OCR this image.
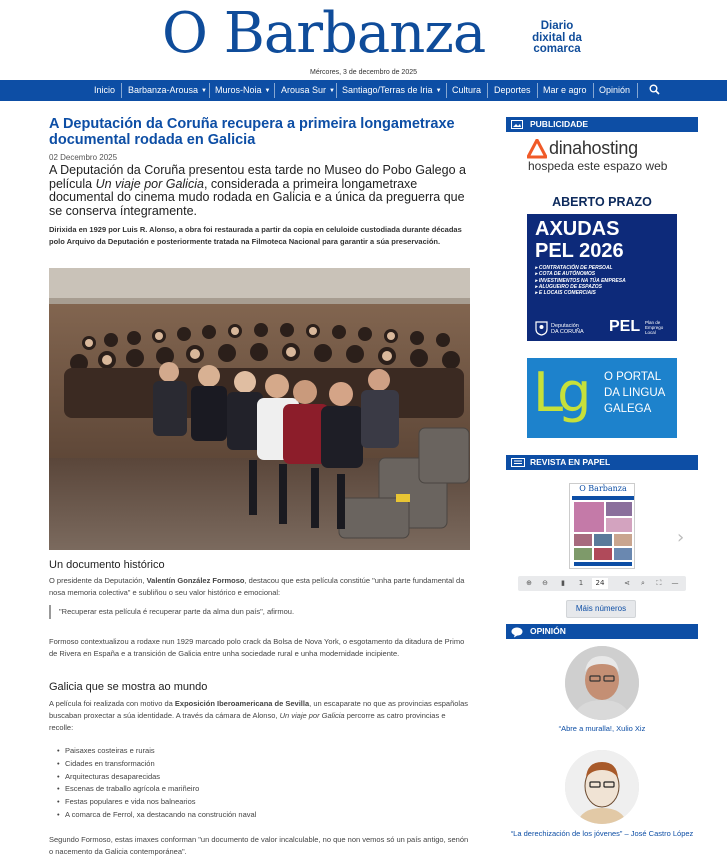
O Barbanza	Diario
dixital da
comarca
Mércores, 3 de decembro de 2025
Inicio Barbanza-Arousa ▼ Muros-Noia ▼ Arousa Sur ▼ Santiago/Terras de Iria ▼ Cultura Deportes Mar e agro Opinión
A Deputación da Coruña recupera a primeira longametraxe documental rodada en Galicia
02 Decembro 2025
A Deputación da Coruña presentou esta tarde no Museo do Pobo Galego a película Un viaje por Galicia, considerada a primeira longametraxe documental do cinema mudo rodada en Galicia e a única da preguerra que se conserva íntegramente.
Dirixida en 1929 por Luis R. Alonso, a obra foi restaurada a partir da copia en celuloide custodiada durante décadas polo Arquivo da Deputación e posteriormente tratada na Filmoteca Nacional para garantir a súa preservación.
Un documento histórico
O presidente da Deputación, Valentín González Formoso, destacou que esta película constitúe "unha parte fundamental da nosa memoria colectiva" e subliñou o seu valor histórico e emocional:
"Recuperar esta película é recuperar parte da alma dun país", afirmou.
Formoso contextualizou a rodaxe nun 1929 marcado polo crack da Bolsa de Nova York, o esgotamento da ditadura de Primo de Rivera en España e a transición de Galicia entre unha sociedade rural e unha modernidade incipiente.
Galicia que se mostra ao mundo
A película foi realizada con motivo da Exposición Iberoamericana de Sevilla, un escaparate no que as provincias españolas buscaban proxectar a súa identidade. A través da cámara de Alonso, Un viaje por Galicia percorre as catro provincias e recolle:
• Paisaxes costeiras e rurais
• Cidades en transformación
• Arquitecturas desaparecidas
• Escenas de traballo agrícola e mariñeiro
• Festas populares e vida nos balnearios
• A comarca de Ferrol, xa destacando na construción naval
Segundo Formoso, estas imaxes conforman "un documento de valor incalculable, no que non vemos só un país antigo, senón o nacemento da Galicia contemporánea".
PUBLICIDADE
dinahosting
hospeda este espazo web
ABERTO PRAZO
AXUDAS
PEL 2026
▸ CONTRATACIÓN DE PERSOAL
▸ COTA DE AUTÓNOMOS
▸ INVESTIMENTOS NA TÚA EMPRESA
▸ ALUGUEIRO DE ESPAZOS
▸ E LOCAIS COMERCIAIS
Deputación
DA CORUÑA PEL Plan de
Emprego
Local
Lg O PORTAL
DA LINGUA
GALEGA
REVISTA EN PAPEL
O Barbanza
›
⊕ ⊖	▮	1	24	⋖	⌕	⛶	—
Máis números
OPINIÓN
“Abre a muralla!, Xulio Xiz
“La derechización de los jóvenes” – José Castro López
